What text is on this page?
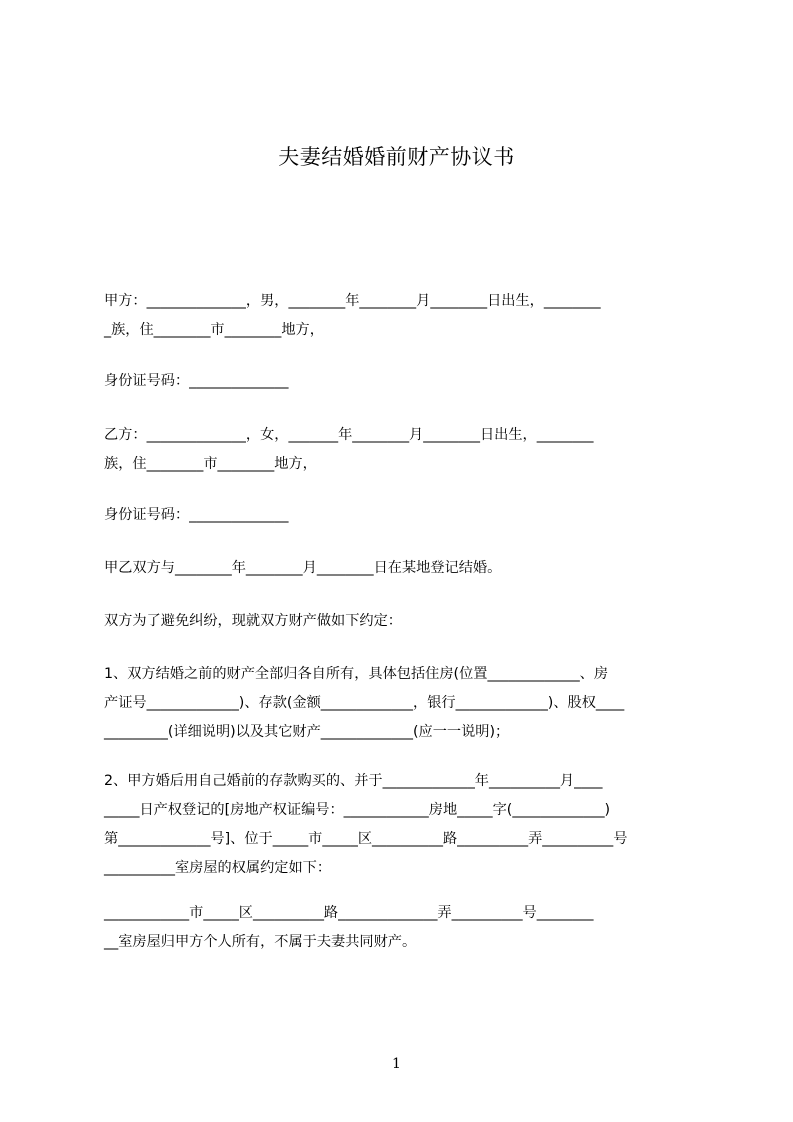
夫妻结婚婚前财产协议书
甲方：______________，男，________年________月________日出生，________
_族，住________市________地方，
身份证号码：______________
乙方：______________，女，_______年________月________日出生，________
族，住________市________地方，
身份证号码：______________
甲乙双方与________年________月________日在某地登记结婚。
双方为了避免纠纷，现就双方财产做如下约定：
1、双方结婚之前的财产全部归各自所有，具体包括住房(位置_____________、房
产证号_____________)、存款(金额_____________，银行_____________)、股权____
_________(详细说明)以及其它财产_____________(应一一说明)；
2、甲方婚后用自己婚前的存款购买的、并于_____________年__________月____
_____日产权登记的[房地产权证编号：____________房地_____字(_____________)
第_____________号]、位于_____市_____区__________路__________弄__________号
__________室房屋的权属约定如下：
____________市_____区__________路______________弄__________号________
__室房屋归甲方个人所有，不属于夫妻共同财产。
1
